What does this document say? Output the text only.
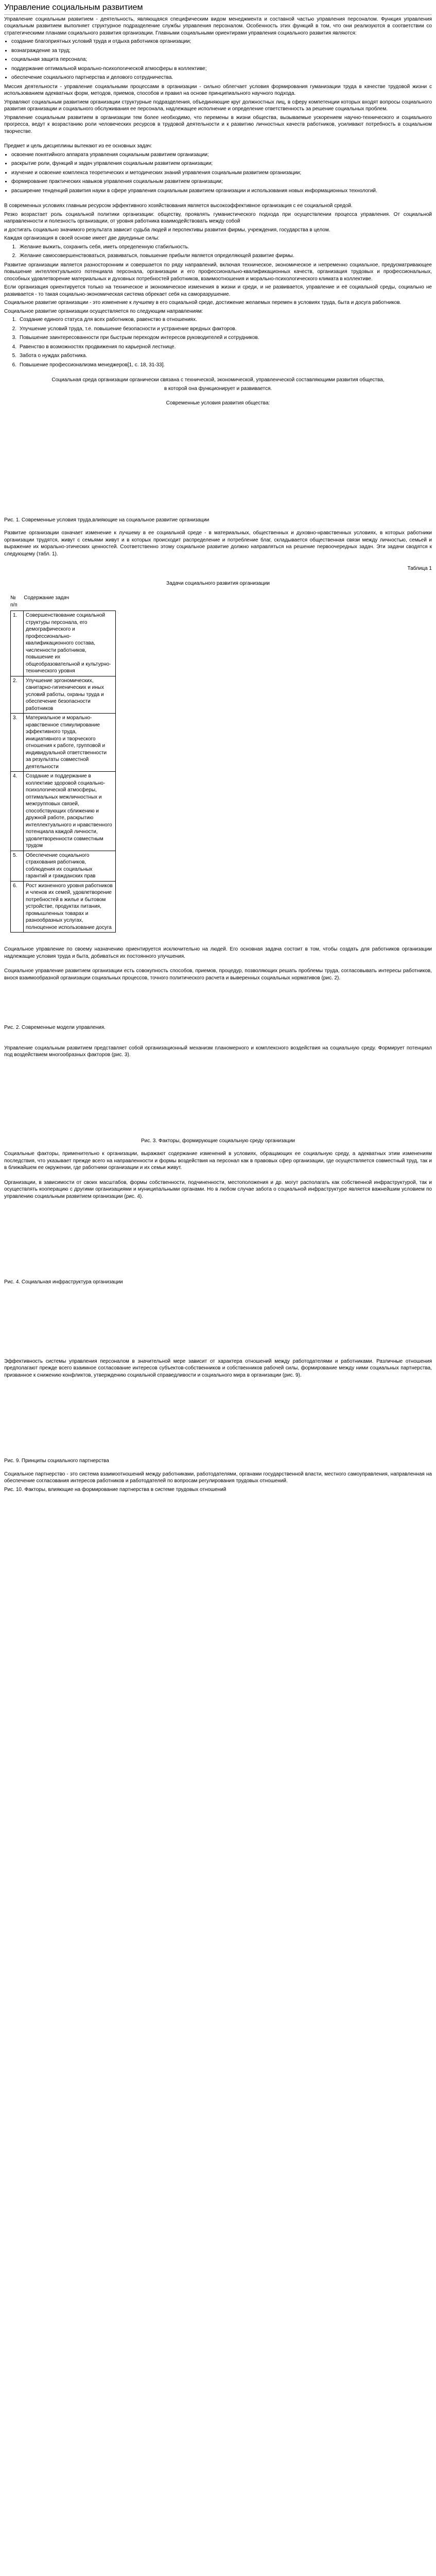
Управление социальным развитием

Управление социальным развитием - деятельность, являющаяся специфическим видом менеджмента и составной частью управления персоналом. Функция управления социальным развитием выполняет структурное подразделение службы управления персоналом. Особенность этих функций в том, что они реализуются в соответствии со стратегическими планами социального развития организации. Главными социальными ориентирами управления социального развития являются:

• создание благоприятных условий труда и отдыха работников организации;
• вознаграждение за труд;
• социальная защита персонала;
• поддержание оптимальной морально-психологической атмосферы в коллективе;
• обеспечение социального партнерства и делового сотрудничества.

Миссия деятельности - управление социальными процессами в организации - сильно облегчает условия формирования гуманизации труда в качестве трудовой жизни с использованием адекватных форм, методов, приемов, способов и правил на основе принципиального научного подхода.

Управляют социальным развитием организации структурные подразделения, объединяющие круг должностных лиц, в сферу компетенции которых входят вопросы социального развития организации и социального обслуживания ее персонала, надлежащее исполнение и определение ответственность за решение социальных проблем.

Управление социальным развитием в организации тем более необходимо, что перемены в жизни общества, вызываемые ускорением научно-технического и социального прогресса, ведут к возрастанию роли человеческих ресурсов в трудовой деятельности и к развитию личностных качеств работников, усиливают потребность в социальном творчестве.

Предмет и цель дисциплины вытекают из ее основных задач:

• освоение понятийного аппарата управления социальным развитием организации;
• раскрытие роли, функций и задач управления социальным развитием организации;
• изучение и освоение комплекса теоретических и методических знаний управления социальным развитием организации;
• формирование практических навыков управления социальным развитием организации;
• расширение тенденций развития науки в сфере управления социальным развитием организации и использования новых информационных технологий.

В современных условиях главным ресурсом эффективного хозяйствования является высокоэффективное организация с ее социальной средой.

Резко возрастает роль социальной политики организации: обществу, проявлять гуманистического подхода при осуществлении процесса управления. От социальной направленности и полезность организации, от уровня работника взаимодействовать между собой

и достигать социально значимого результата зависит судьба людей и перспективы развития фирмы, учреждения, государства в целом.

Каждая организация в своей основе имеет две двуединые силы:

1. Желание выжить, сохранить себя, иметь определенную стабильность.
2. Желание самосовершенствоваться, развиваться, повышение прибыли является определяющей развитие фирмы.

Развитие организации является разносторонним и совершается по ряду направлений, включая техническое, экономическое и непременно социальное, предусматривающее повышение интеллектуального потенциала персонала, организации и его профессионально-квалификационных качеств, организация трудовых и профессиональных, способных удовлетворение материальных и духовных потребностей работников, взаимоотношения и морально-психологического климата в коллективе.

Если организация ориентируется только на техническое и экономическое изменения в жизни и среди, и не развивается, управление и её социальной среды, социально не развивается - то такая социально-экономическая система обрекает себя на саморазрушение.

Социальное развитие организации - это изменение к лучшему в его социальной среде, достижение желаемых перемен в условиях труда, быта и досуга работников.

Социальное развитие организации осуществляется по следующим направлениям:

1. Создание единого статуса для всех работников, равенство в отношениях.
2. Улучшение условий труда, т.е. повышение безопасности и устранение вредных факторов.
3. Повышение заинтересованности при быстрым переходом интересов руководителей и сотрудников.
4. Равенство в возможностях продвижения по карьерной лестнице.
5. Забота о нуждах работника.
6. Повышение профессионализма менеджеров[1, с. 18, 31-33].

Социальная среда организации органически связана с технической, экономической, управленческой составляющими развития общества,

в которой она функционирует и развивается.

Современные условия развития общества:

Рис. 1. Современные условия труда,влияющие на социальное развитие организации

Развитие организации означает изменение к лучшему в ее социальной среде - в материальных, общественных и духовно-нравственных условиях, в которых работники организации трудятся, живут с семьями живут и в которых происходит распределение и потребление благ, складывается общественная связи между личностью, семьей и выражение их морально-этических ценностей. Соответственно этому социальное развитие должно направляться на решение первоочередных задач. Эти задачи сводятся к следующему (табл. 1).

Таблица 1

Задачи социального развития организации

№ Содержание задач
п/п
1.	Совершенствование социальной структуры персонала, его демографического и профессионально-квалификационного состава, численности работников, повышение их общеобразовательной и культурно-технического уровня
2.	Улучшение эргономических, санитарно-гигиенических и иных условий работы, охраны труда и обеспечение безопасности работников
3.	Материальное и морально-нравственное стимулирование эффективного труда, инициативного и творческого отношения к работе, групповой и индивидуальной ответственности за результаты совместной деятельности
4.	Создание и поддержание в коллективе здоровой социально-психологической атмосферы, оптимальных межличностных и межгрупповых связей, способствующих сближению и дружной работе, раскрытию интеллектуального и нравственного потенциала каждой личности, удовлетворенности совместным трудом
5.	Обеспечение социального страхования работников, соблюдения их социальных гарантий и гражданских прав
6.	Рост жизненного уровня работников и членов их семей, удовлетворение потребностей в жилье и бытовом устройстве, продуктах питания, промышленных товарах и разнообразных услугах, полноценное использование досуга

Социальное управление по своему назначению ориентируется исключительно на людей. Его основная задача состоит в том, чтобы создать для работников организации надлежащие условия труда и быта, добиваться их постоянного улучшения.

Социальное управление развитием организации есть совокупность способов, приемов, процедур, позволяющих решать проблемы труда, согласовывать интересы работников, внося взаимообразной организации социальных процессов, точного политического расчета и выверенных социальных нормативов (рис. 2).

Рис. 2. Современные модели управления.

Управление социальным развитием представляет собой организационный механизм планомерного и комплексного воздействия на социальную среду. Формирует потенциал под воздействием многообразных факторов (рис. 3).

Рис. 3. Факторы, формирующие социальную среду организации

Социальные факторы, применительно к организации, выражают содержание изменений в условиях, обращающих ее социальную среду, а адекватных этим изменениям последствия, что указывает прежде всего на направленности и формы воздействия на персонал как в правовых сфер организации, где осуществляется совместный труд, так и в ближайшем ее окружении, где работники организации и их семьи живут.

Организации, в зависимости от своих масштабов, формы собственности, подчиненности, местоположения и др. могут располагать как собственной инфраструктурой, так и осуществлять кооперацию с другими организациями и муниципальными органами. Но в любом случае забота о социальной инфраструктуре является важнейшим условием по управлению социальным развитием организации (рис. 4).

Рис. 4. Социальная инфраструктура организации

Эффективность системы управления персоналом в значительной мере зависит от характера отношений между работодателями и работниками. Различные отношения предполагают прежде всего взаимное согласование интересов субъектов-собственников и собственников рабочей силы, формирование между ними социальных партнерства, призванное к снижению конфликтов, утверждению социальной справедливости и социального мира в организации (рис. 9).

Рис. 9. Принципы социального партнерства

Социальное партнерство - это система взаимоотношений между работниками, работодателями, органами государственной власти, местного самоуправления, направленная на обеспечение согласования интересов работников и работодателей по вопросам регулирования трудовых отношений.

Рис. 10. Факторы, влияющие на формирование партнерства в системе трудовых отношений
